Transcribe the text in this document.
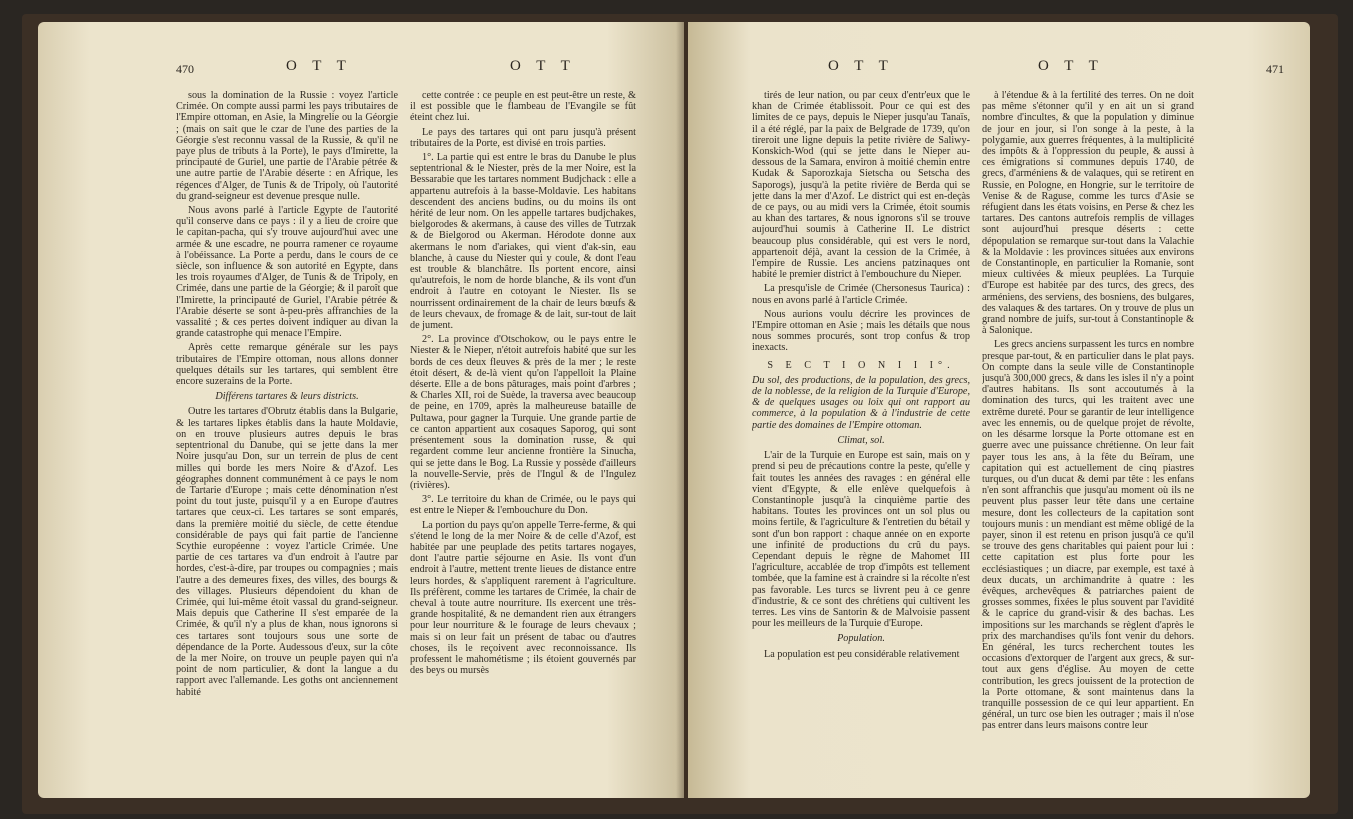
470	O T T	O T T

sous la domination de la Russie : voyez l'article Crimée. On compte aussi parmi les pays tributaires de l'Empire ottoman, en Asie, la Mingrelie ou la Géorgie ; (mais on sait que le czar de l'une des parties de la Géorgie s'est reconnu vassal de la Russie, & qu'il ne paye plus de tributs à la Porte), le pays d'Imirette, la principauté de Guriel, une partie de l'Arabie pétrée & une autre partie de l'Arabie déserte : en Afrique, les régences d'Alger, de Tunis & de Tripoly, où l'autorité du grand-seigneur est devenue presque nulle.

Nous avons parlé à l'article Egypte de l'autorité qu'il conserve dans ce pays : il y a lieu de croire que le capitan-pacha, qui s'y trouve aujourd'hui avec une armée & une escadre, ne pourra ramener ce royaume à l'obéissance. La Porte a perdu, dans le cours de ce siècle, son influence & son autorité en Egypte, dans les trois royaumes d'Alger, de Tunis & de Tripoly, en Crimée, dans une partie de la Géorgie; & il paroît que l'Imirette, la principauté de Guriel, l'Arabie pétrée & l'Arabie déserte se sont à-peu-près affranchies de la vassalité ; & ces pertes doivent indiquer au divan la grande catastrophe qui menace l'Empire.

Après cette remarque générale sur les pays tributaires de l'Empire ottoman, nous allons donner quelques détails sur les tartares, qui semblent être encore suzerains de la Porte.

Différens tartares & leurs districts.

Outre les tartares d'Obrutz établis dans la Bulgarie, & les tartares lipkes établis dans la haute Moldavie, on en trouve plusieurs autres depuis le bras septentrional du Danube, qui se jette dans la mer Noire jusqu'au Don, sur un terrein de plus de cent milles qui borde les mers Noire & d'Azof. Les géographes donnent communément à ce pays le nom de Tartarie d'Europe ; mais cette dénomination n'est point du tout juste, puisqu'il y a en Europe d'autres tartares que ceux-ci. Les tartares se sont emparés, dans la première moitié du siècle, de cette étendue considérable de pays qui fait partie de l'ancienne Scythie européenne : voyez l'article Crimée. Une partie de ces tartares va d'un endroit à l'autre par hordes, c'est-à-dire, par troupes ou compagnies ; mais l'autre a des demeures fixes, des villes, des bourgs & des villages. Plusieurs dépendoient du khan de Crimée, qui lui-même étoit vassal du grand-seigneur. Mais depuis que Catherine II s'est emparée de la Crimée, & qu'il n'y a plus de khan, nous ignorons si ces tartares sont toujours sous une sorte de dépendance de la Porte. Audessous d'eux, sur la côte de la mer Noire, on trouve un peuple payen qui n'a point de nom particulier, & dont la langue a du rapport avec l'allemande. Les goths ont anciennement habité

cette contrée : ce peuple en est peut-être un reste, & il est possible que le flambeau de l'Evangile se fût éteint chez lui.

Le pays des tartares qui ont paru jusqu'à présent tributaires de la Porte, est divisé en trois parties.

1°. La partie qui est entre le bras du Danube le plus septentrional & le Niester, près de la mer Noire, est la Bessarabie que les tartares nomment Budjchack : elle a appartenu autrefois à la basse-Moldavie. Les habitans descendent des anciens budins, ou du moins ils ont hérité de leur nom. On les appelle tartares budjchakes, bielgorodes & akermans, à cause des villes de Tutrzak & de Bielgorod ou Akerman. Hérodote donne aux akermans le nom d'ariakes, qui vient d'ak-sin, eau blanche, à cause du Niester qui y coule, & dont l'eau est trouble & blanchâtre. Ils portent encore, ainsi qu'autrefois, le nom de horde blanche, & ils vont d'un endroit à l'autre en cotoyant le Niester. Ils se nourrissent ordinairement de la chair de leurs bœufs & de leurs chevaux, de fromage & de lait, sur-tout de lait de jument.

2°. La province d'Otschokow, ou le pays entre le Niester & le Nieper, n'étoit autrefois habité que sur les bords de ces deux fleuves & près de la mer ; le reste étoit désert, & de-là vient qu'on l'appelloit la Plaine déserte. Elle a de bons pâturages, mais point d'arbres ; & Charles XII, roi de Suède, la traversa avec beaucoup de peine, en 1709, après la malheureuse bataille de Pultawa, pour gagner la Turquie. Une grande partie de ce canton appartient aux cosaques Saporog, qui sont présentement sous la domination russe, & qui regardent comme leur ancienne frontière la Sinucha, qui se jette dans le Bog. La Russie y possède d'ailleurs la nouvelle-Servie, près de l'Ingul & de l'Ingulez (rivières).

3°. Le territoire du khan de Crimée, ou le pays qui est entre le Nieper & l'embouchure du Don.

La portion du pays qu'on appelle Terre-ferme, & qui s'étend le long de la mer Noire & de celle d'Azof, est habitée par une peuplade des petits tartares nogayes, dont l'autre partie séjourne en Asie. Ils vont d'un endroit à l'autre, mettent trente lieues de distance entre leurs hordes, & s'appliquent rarement à l'agriculture. Ils préfèrent, comme les tartares de Crimée, la chair de cheval à toute autre nourriture. Ils exercent une très-grande hospitalité, & ne demandent rien aux étrangers pour leur nourriture & le fourage de leurs chevaux ; mais si on leur fait un présent de tabac ou d'autres choses, ils le reçoivent avec reconnoissance. Ils professent le mahométisme ; ils étoient gouvernés par des beys ou mursès

O T T	O T T	471

tirés de leur nation, ou par ceux d'entr'eux que le khan de Crimée établissoit. Pour ce qui est des limites de ce pays, depuis le Nieper jusqu'au Tanaïs, il a été réglé, par la paix de Belgrade de 1739, qu'on tireroit une ligne depuis la petite rivière de Saliwy-Konskich-Wod (qui se jette dans le Nieper au-dessous de la Samara, environ à moitié chemin entre Kudak & Saporozkaja Sietscha ou Setscha des Saporogs), jusqu'à la petite rivière de Berda qui se jette dans la mer d'Azof. Le district qui est en-deçàs de ce pays, ou au midi vers la Crimée, étoit soumis au khan des tartares, & nous ignorons s'il se trouve aujourd'hui soumis à Catherine II. Le district beaucoup plus considérable, qui est vers le nord, appartenoit déjà, avant la cession de la Crimée, à l'empire de Russie. Les anciens patzinaques ont habité le premier district à l'embouchure du Nieper.

La presqu'isle de Crimée (Chersonesus Taurica) : nous en avons parlé à l'article Crimée.

Nous aurions voulu décrire les provinces de l'Empire ottoman en Asie ; mais les détails que nous nous sommes procurés, sont trop confus & trop inexacts.

S E C T I O N I I I°.

Du sol, des productions, de la population, des grecs, de la noblesse, de la religion de la Turquie d'Europe, & de quelques usages ou loix qui ont rapport au commerce, à la population & à l'industrie de cette partie des domaines de l'Empire ottoman.

Climat, sol.

L'air de la Turquie en Europe est sain, mais on y prend si peu de précautions contre la peste, qu'elle y fait toutes les années des ravages : en général elle vient d'Egypte, & elle enlève quelquefois à Constantinople jusqu'à la cinquième partie des habitans. Toutes les provinces ont un sol plus ou moins fertile, & l'agriculture & l'entretien du bétail y sont d'un bon rapport : chaque année on en exporte une infinité de productions du crû du pays. Cependant depuis le règne de Mahomet III l'agriculture, accablée de trop d'impôts est tellement tombée, que la famine est à craindre si la récolte n'est pas favorable. Les turcs se livrent peu à ce genre d'industrie, & ce sont des chrétiens qui cultivent les terres. Les vins de Santorin & de Malvoisie passent pour les meilleurs de la Turquie d'Europe.

Population.

La population est peu considérable relativement

à l'étendue & à la fertilité des terres. On ne doit pas même s'étonner qu'il y en ait un si grand nombre d'incultes, & que la population y diminue de jour en jour, si l'on songe à la peste, à la polygamie, aux guerres fréquentes, à la multiplicité des impôts & à l'oppression du peuple, & aussi à ces émigrations si communes depuis 1740, de grecs, d'arméniens & de valaques, qui se retirent en Russie, en Pologne, en Hongrie, sur le territoire de Venise & de Raguse, comme les turcs d'Asie se réfugient dans les états voisins, en Perse & chez les tartares. Des cantons autrefois remplis de villages sont aujourd'hui presque déserts : cette dépopulation se remarque sur-tout dans la Valachie & la Moldavie : les provinces situées aux environs de Constantinople, en particulier la Romanie, sont mieux cultivées & mieux peuplées. La Turquie d'Europe est habitée par des turcs, des grecs, des arméniens, des serviens, des bosniens, des bulgares, des valaques & des tartares. On y trouve de plus un grand nombre de juifs, sur-tout à Constantinople & à Salonique.

Les grecs anciens surpassent les turcs en nombre presque par-tout, & en particulier dans le plat pays. On compte dans la seule ville de Constantinople jusqu'à 300,000 grecs, & dans les isles il n'y a point d'autres habitans. Ils sont accoutumés à la domination des turcs, qui les traitent avec une extrême dureté. Pour se garantir de leur intelligence avec les ennemis, ou de quelque projet de révolte, on les désarme lorsque la Porte ottomane est en guerre avec une puissance chrétienne. On leur fait payer tous les ans, à la fête du Beïram, une capitation qui est actuellement de cinq piastres turques, ou d'un ducat & demi par tête : les enfans n'en sont affranchis que jusqu'au moment où ils ne peuvent plus passer leur tête dans une certaine mesure, dont les collecteurs de la capitation sont toujours munis : un mendiant est même obligé de la payer, sinon il est retenu en prison jusqu'à ce qu'il se trouve des gens charitables qui paient pour lui : cette capitation est plus forte pour les ecclésiastiques ; un diacre, par exemple, est taxé à deux ducats, un archimandrite à quatre : les évêques, archevêques & patriarches paient de grosses sommes, fixées le plus souvent par l'avidité & le caprice du grand-visir & des bachas. Les impositions sur les marchands se règlent d'après le prix des marchandises qu'ils font venir du dehors. En général, les turcs recherchent toutes les occasions d'extorquer de l'argent aux grecs, & sur-tout aux gens d'église. Au moyen de cette contribution, les grecs jouissent de la protection de la Porte ottomane, & sont maintenus dans la tranquille possession de ce qui leur appartient. En général, un turc ose bien les outrager ; mais il n'ose pas entrer dans leurs maisons contre leur
